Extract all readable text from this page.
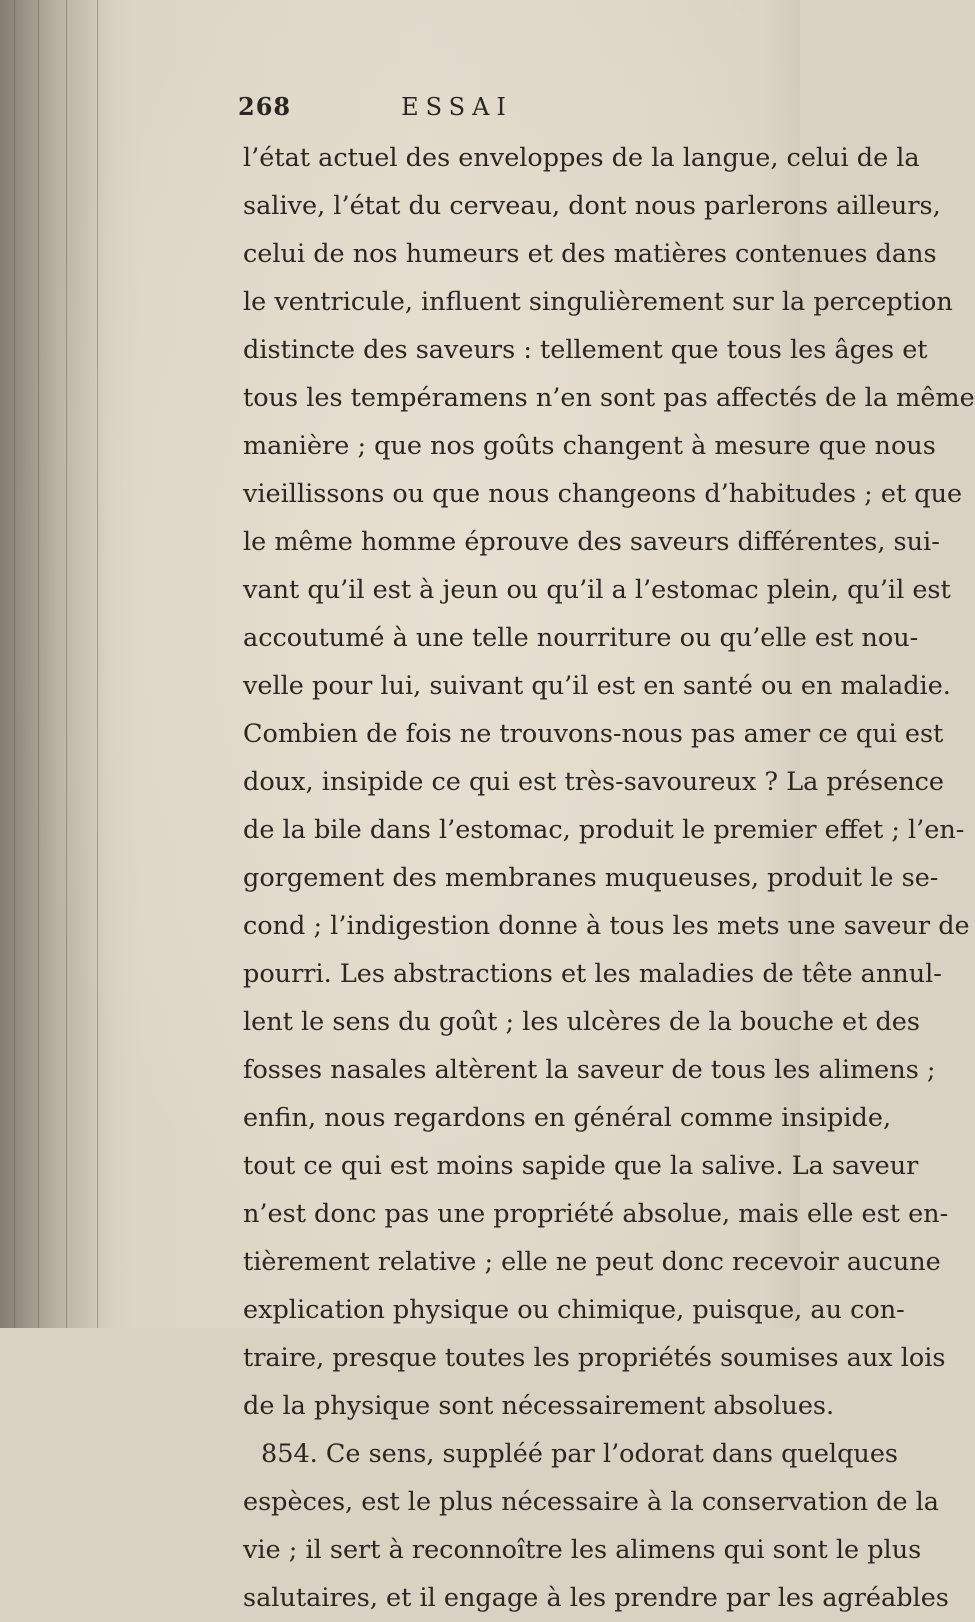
268	ESSAI
l’état actuel des enveloppes de la langue, celui de la
salive, l’état du cerveau, dont nous parlerons ailleurs,
celui de nos humeurs et des matières contenues dans
le ventricule, influent singulièrement sur la perception
distincte des saveurs : tellement que tous les âges et
tous les tempéramens n’en sont pas affectés de la même
manière ; que nos goûts changent à mesure que nous
vieillissons ou que nous changeons d’habitudes ; et que
le même homme éprouve des saveurs différentes, sui-
vant qu’il est à jeun ou qu’il a l’estomac plein, qu’il est
accoutumé à une telle nourriture ou qu’elle est nou-
velle pour lui, suivant qu’il est en santé ou en maladie.
Combien de fois ne trouvons-nous pas amer ce qui est
doux, insipide ce qui est très-savoureux ? La présence
de la bile dans l’estomac, produit le premier effet ; l’en-
gorgement des membranes muqueuses, produit le se-
cond ; l’indigestion donne à tous les mets une saveur de
pourri. Les abstractions et les maladies de tête annul-
lent le sens du goût ; les ulcères de la bouche et des
fosses nasales altèrent la saveur de tous les alimens ;
enfin, nous regardons en général comme insipide,
tout ce qui est moins sapide que la salive. La saveur
n’est donc pas une propriété absolue, mais elle est en-
tièrement relative ; elle ne peut donc recevoir aucune
explication physique ou chimique, puisque, au con-
traire, presque toutes les propriétés soumises aux lois
de la physique sont nécessairement absolues.
854. Ce sens, suppléé par l’odorat dans quelques
espèces, est le plus nécessaire à la conservation de la
vie ; il sert à reconnoître les alimens qui sont le plus
salutaires, et il engage à les prendre par les agréables
